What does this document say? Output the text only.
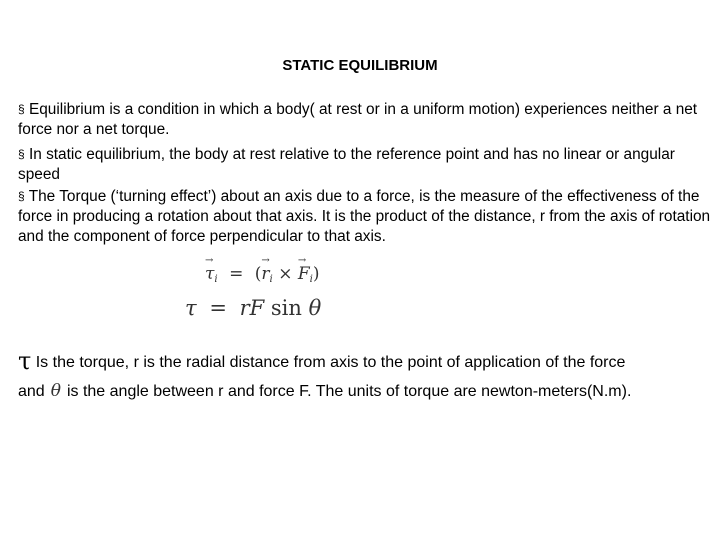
STATIC EQUILIBRIUM
§ Equilibrium is a condition in which a body( at rest or in a uniform motion) experiences neither a net force nor a net torque.
§ In static equilibrium, the body at rest relative to the reference point and has no linear or angular speed
§ The Torque (‘turning effect’) about an axis due to a force, is the measure of the effectiveness of the force in producing a rotation about that axis. It is the product of the distance, r from the axis of rotation and the component of force perpendicular to that axis.
→ $\tau_i$ = (→ $r_i$ × → $F_i$)
τ = rF sin θ
τ Is the torque, r is the radial distance from axis to the point of application of the force
and θ is the angle between r and force F. The units of torque are newton-meters(N.m).
